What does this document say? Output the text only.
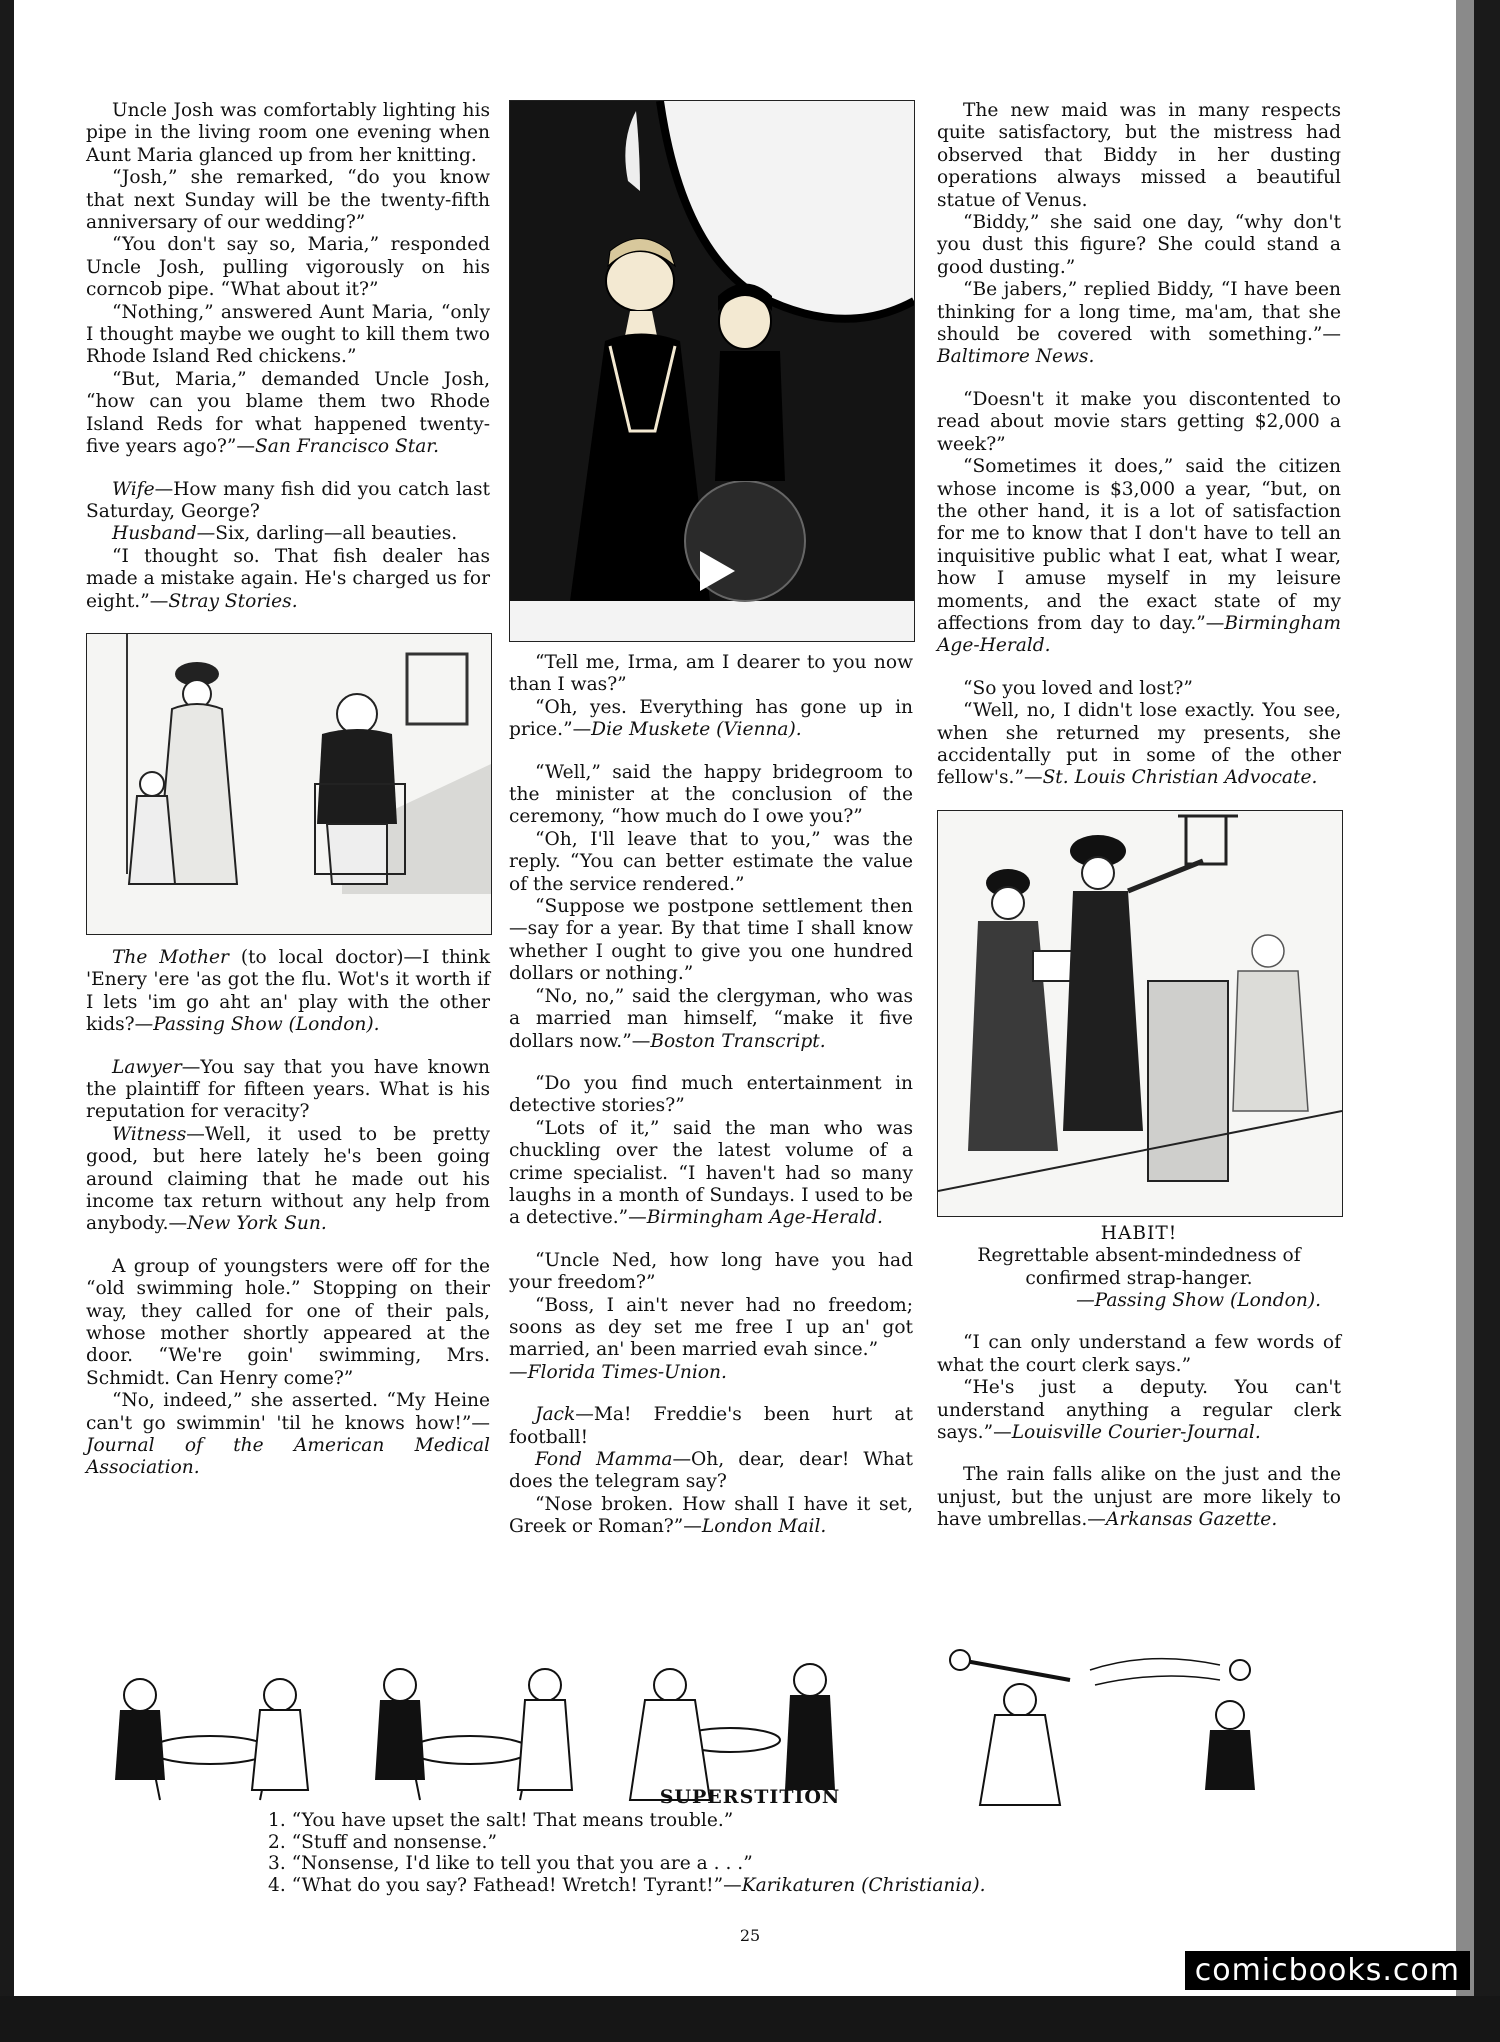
Uncle Josh was comfortably lighting his pipe in the living room one evening when Aunt Maria glanced up from her knitting.

“Josh,” she remarked, “do you know that next Sunday will be the twenty-fifth anniversary of our wedding?”

“You don't say so, Maria,” responded Uncle Josh, pulling vigorously on his corncob pipe. “What about it?”

“Nothing,” answered Aunt Maria, “only I thought maybe we ought to kill them two Rhode Island Red chickens.”

“But, Maria,” demanded Uncle Josh, “how can you blame them two Rhode Island Reds for what happened twenty-five years ago?”—San Francisco Star.

Wife—How many fish did you catch last Saturday, George?

Husband—Six, darling—all beauties.

“I thought so. That fish dealer has made a mistake again. He's charged us for eight.”—Stray Stories.

The Mother (to local doctor)—I think 'Enery 'ere 'as got the flu. Wot's it worth if I lets 'im go aht an' play with the other kids?—Passing Show (London).

Lawyer—You say that you have known the plaintiff for fifteen years. What is his reputation for veracity?

Witness—Well, it used to be pretty good, but here lately he's been going around claiming that he made out his income tax return without any help from anybody.—New York Sun.

A group of youngsters were off for the “old swimming hole.” Stopping on their way, they called for one of their pals, whose mother shortly appeared at the door. “We're goin' swimming, Mrs. Schmidt. Can Henry come?”

“No, indeed,” she asserted. “My Heine can't go swimmin' 'til he knows how!”—Journal of the American Medical Association.

“Tell me, Irma, am I dearer to you now than I was?”

“Oh, yes. Everything has gone up in price.”—Die Muskete (Vienna).

“Well,” said the happy bridegroom to the minister at the conclusion of the ceremony, “how much do I owe you?”

“Oh, I'll leave that to you,” was the reply. “You can better estimate the value of the service rendered.”

“Suppose we postpone settlement then—say for a year. By that time I shall know whether I ought to give you one hundred dollars or nothing.”

“No, no,” said the clergyman, who was a married man himself, “make it five dollars now.”—Boston Transcript.

“Do you find much entertainment in detective stories?”

“Lots of it,” said the man who was chuckling over the latest volume of a crime specialist. “I haven't had so many laughs in a month of Sundays. I used to be a detective.”—Birmingham Age-Herald.

“Uncle Ned, how long have you had your freedom?”

“Boss, I ain't never had no freedom; soons as dey set me free I up an' got married, an' been married evah since.”

—Florida Times-Union.

Jack—Ma! Freddie's been hurt at football!

Fond Mamma—Oh, dear, dear! What does the telegram say?

“Nose broken. How shall I have it set, Greek or Roman?”—London Mail.

The new maid was in many respects quite satisfactory, but the mistress had observed that Biddy in her dusting operations always missed a beautiful statue of Venus.

“Biddy,” she said one day, “why don't you dust this figure? She could stand a good dusting.”

“Be jabers,” replied Biddy, “I have been thinking for a long time, ma'am, that she should be covered with something.”—Baltimore News.

“Doesn't it make you discontented to read about movie stars getting $2,000 a week?”

“Sometimes it does,” said the citizen whose income is $3,000 a year, “but, on the other hand, it is a lot of satisfaction for me to know that I don't have to tell an inquisitive public what I eat, what I wear, how I amuse myself in my leisure moments, and the exact state of my affections from day to day.”—Birmingham Age-Herald.

“So you loved and lost?”

“Well, no, I didn't lose exactly. You see, when she returned my presents, she accidentally put in some of the other fellow's.”—St. Louis Christian Advocate.

HABIT!

Regrettable absent-mindedness of confirmed strap-hanger.

—Passing Show (London).

“I can only understand a few words of what the court clerk says.”

“He's just a deputy. You can't understand anything a regular clerk says.”—Louisville Courier-Journal.

The rain falls alike on the just and the unjust, but the unjust are more likely to have umbrellas.—Arkansas Gazette.

SUPERSTITION
1. “You have upset the salt! That means trouble.”
2. “Stuff and nonsense.”
3. “Nonsense, I'd like to tell you that you are a . . .”
4. “What do you say? Fathead! Wretch! Tyrant!”—Karikaturen (Christiania).
25
comicbooks.com
